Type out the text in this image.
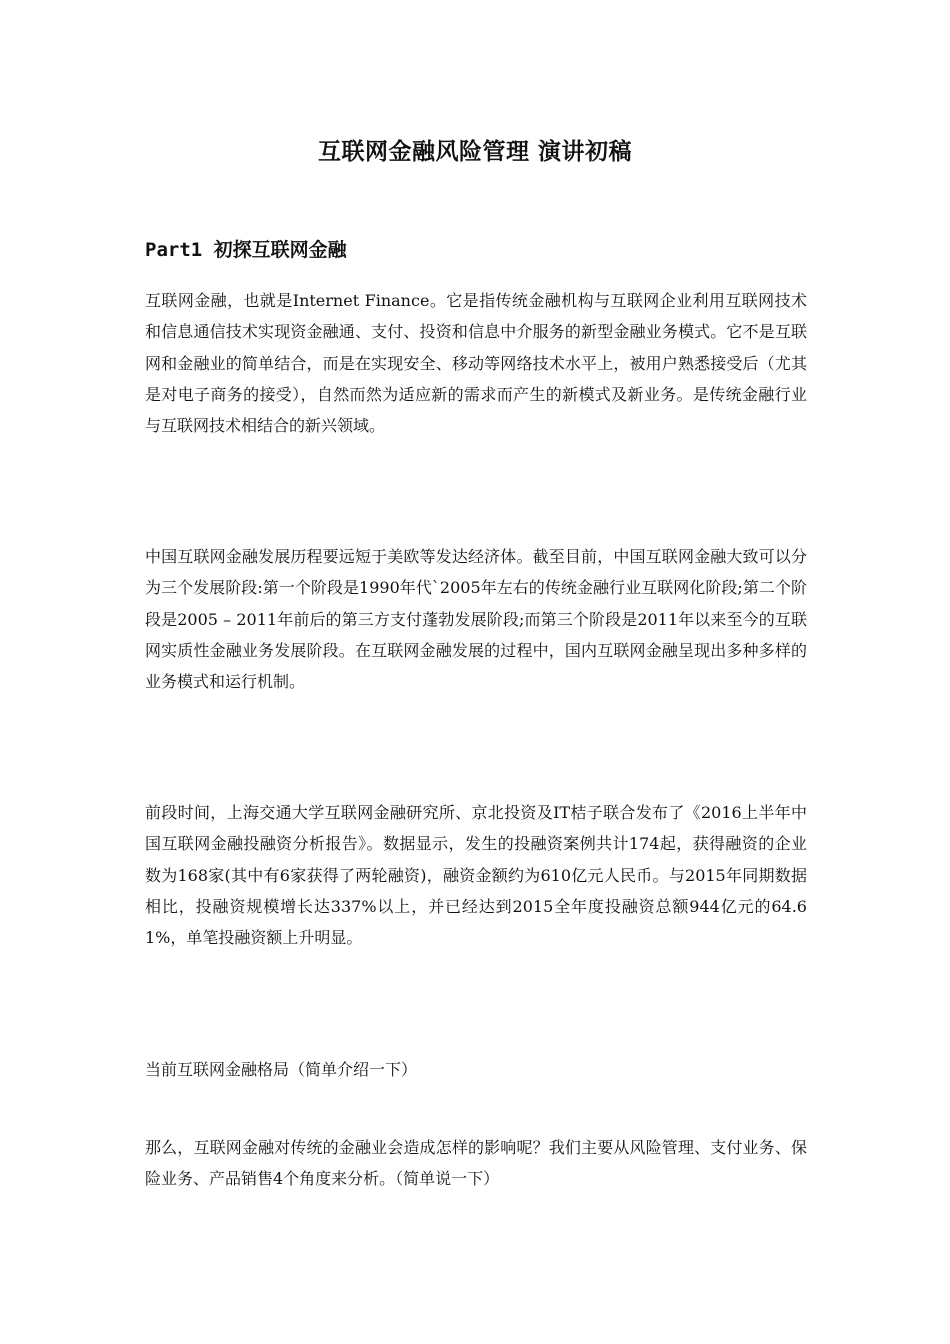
互联网金融风险管理 演讲初稿
Part1 初探互联网金融

互联网金融，也就是Internet Finance。它是指传统金融机构与互联网企业利用互联网技术和信息通信技术实现资金融通、支付、投资和信息中介服务的新型金融业务模式。它不是互联网和金融业的简单结合，而是在实现安全、移动等网络技术水平上，被用户熟悉接受后（尤其是对电子商务的接受），自然而然为适应新的需求而产生的新模式及新业务。是传统金融行业与互联网技术相结合的新兴领域。

中国互联网金融发展历程要远短于美欧等发达经济体。截至目前，中国互联网金融大致可以分为三个发展阶段:第一个阶段是1990年代`2005年左右的传统金融行业互联网化阶段;第二个阶段是2005 – 2011年前后的第三方支付蓬勃发展阶段;而第三个阶段是2011年以来至今的互联网实质性金融业务发展阶段。在互联网金融发展的过程中，国内互联网金融呈现出多种多样的业务模式和运行机制。

前段时间，上海交通大学互联网金融研究所、京北投资及IT桔子联合发布了《2016上半年中国互联网金融投融资分析报告》。数据显示，发生的投融资案例共计174起，获得融资的企业数为168家(其中有6家获得了两轮融资)，融资金额约为610亿元人民币。与2015年同期数据相比，投融资规模增长达337%以上，并已经达到2015全年度投融资总额944亿元的64.61%，单笔投融资额上升明显。

当前互联网金融格局（简单介绍一下）

那么，互联网金融对传统的金融业会造成怎样的影响呢？我们主要从风险管理、支付业务、保险业务、产品销售4个角度来分析。（简单说一下）
